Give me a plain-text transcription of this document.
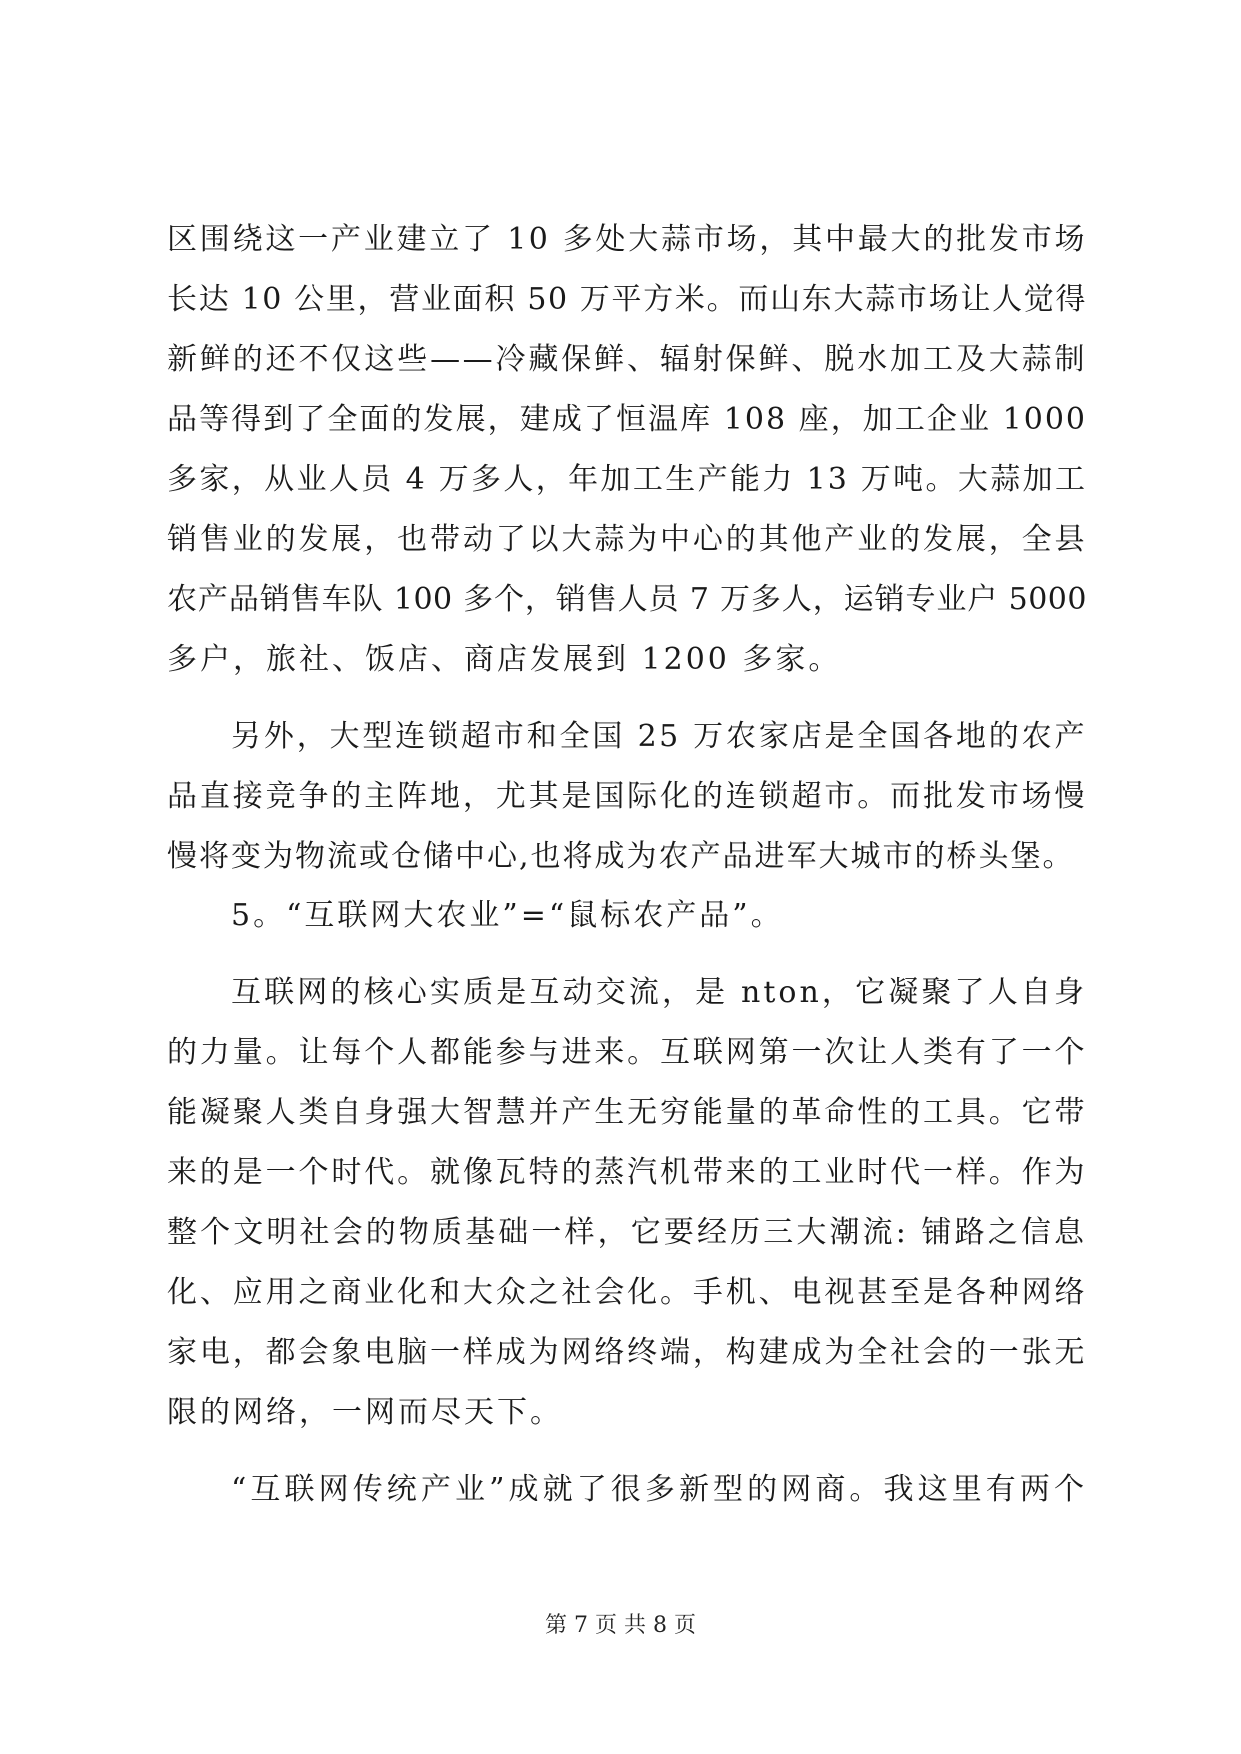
区围绕这一产业建立了 10 多处大蒜市场，其中最大的批发市场
长达 10 公里，营业面积 50 万平方米。而山东大蒜市场让人觉得
新鲜的还不仅这些——冷藏保鲜、辐射保鲜、脱水加工及大蒜制
品等得到了全面的发展，建成了恒温库 108 座，加工企业 1000
多家，从业人员 4 万多人，年加工生产能力 13 万吨。大蒜加工
销售业的发展，也带动了以大蒜为中心的其他产业的发展，全县
农产品销售车队 100 多个，销售人员 7 万多人，运销专业户 5000
多户，旅社、饭店、商店发展到 1200 多家。
另外，大型连锁超市和全国 25 万农家店是全国各地的农产
品直接竞争的主阵地，尤其是国际化的连锁超市。而批发市场慢
慢将变为物流或仓储中心,也将成为农产品进军大城市的桥头堡。
5。“互联网大农业”=“鼠标农产品”。
互联网的核心实质是互动交流，是 nton，它凝聚了人自身
的力量。让每个人都能参与进来。互联网第一次让人类有了一个
能凝聚人类自身强大智慧并产生无穷能量的革命性的工具。它带
来的是一个时代。就像瓦特的蒸汽机带来的工业时代一样。作为
整个文明社会的物质基础一样，它要经历三大潮流: 铺路之信息
化、应用之商业化和大众之社会化。手机、电视甚至是各种网络
家电，都会象电脑一样成为网络终端，构建成为全社会的一张无
限的网络，一网而尽天下。
“互联网传统产业”成就了很多新型的网商。我这里有两个
第 7 页 共 8 页
